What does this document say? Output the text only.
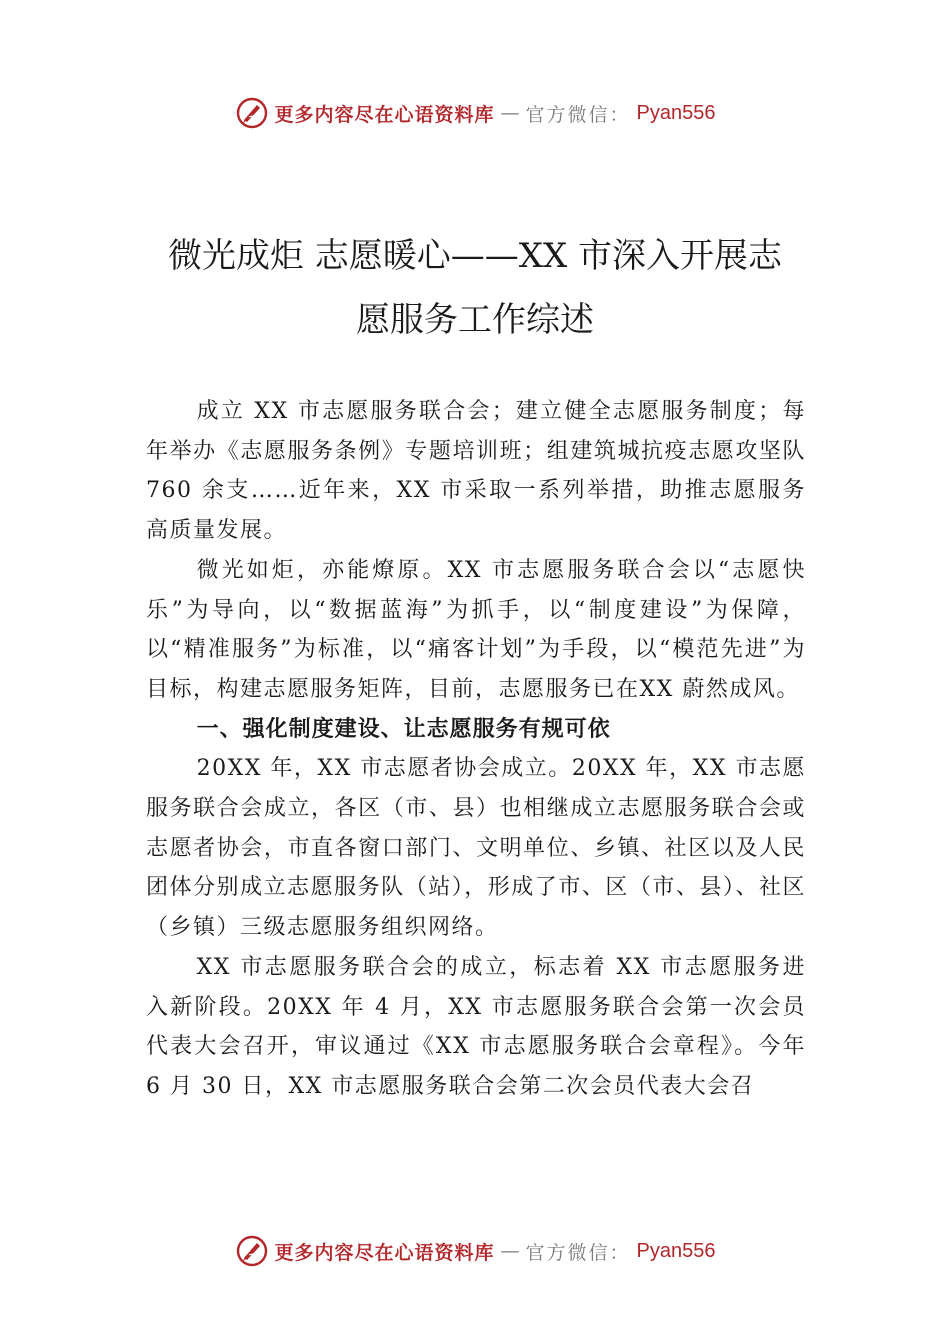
更多内容尽在心语资料库 — 官方微信： Pyan556
微光成炬 志愿暖心——XX 市深入开展志
愿服务工作综述

成立 XX 市志愿服务联合会；建立健全志愿服务制度；每年举办《志愿服务条例》专题培训班；组建筑城抗疫志愿攻坚队 760 余支……近年来，XX 市采取一系列举措，助推志愿服务高质量发展。

微光如炬，亦能燎原。XX 市志愿服务联合会以“志愿快乐”为导向，以“数据蓝海”为抓手，以“制度建设”为保障，以“精准服务”为标准，以“痛客计划”为手段，以“模范先进”为目标，构建志愿服务矩阵，目前，志愿服务已在XX 蔚然成风。

一、强化制度建设、让志愿服务有规可依

20XX 年，XX 市志愿者协会成立。20XX 年，XX 市志愿服务联合会成立，各区（市、县）也相继成立志愿服务联合会或志愿者协会，市直各窗口部门、文明单位、乡镇、社区以及人民团体分别成立志愿服务队（站），形成了市、区（市、县）、社区（乡镇）三级志愿服务组织网络。

XX 市志愿服务联合会的成立，标志着 XX 市志愿服务进入新阶段。20XX 年 4 月，XX 市志愿服务联合会第一次会员代表大会召开，审议通过《XX 市志愿服务联合会章程》。今年 6 月 30 日，XX 市志愿服务联合会第二次会员代表大会召

更多内容尽在心语资料库 — 官方微信： Pyan556
